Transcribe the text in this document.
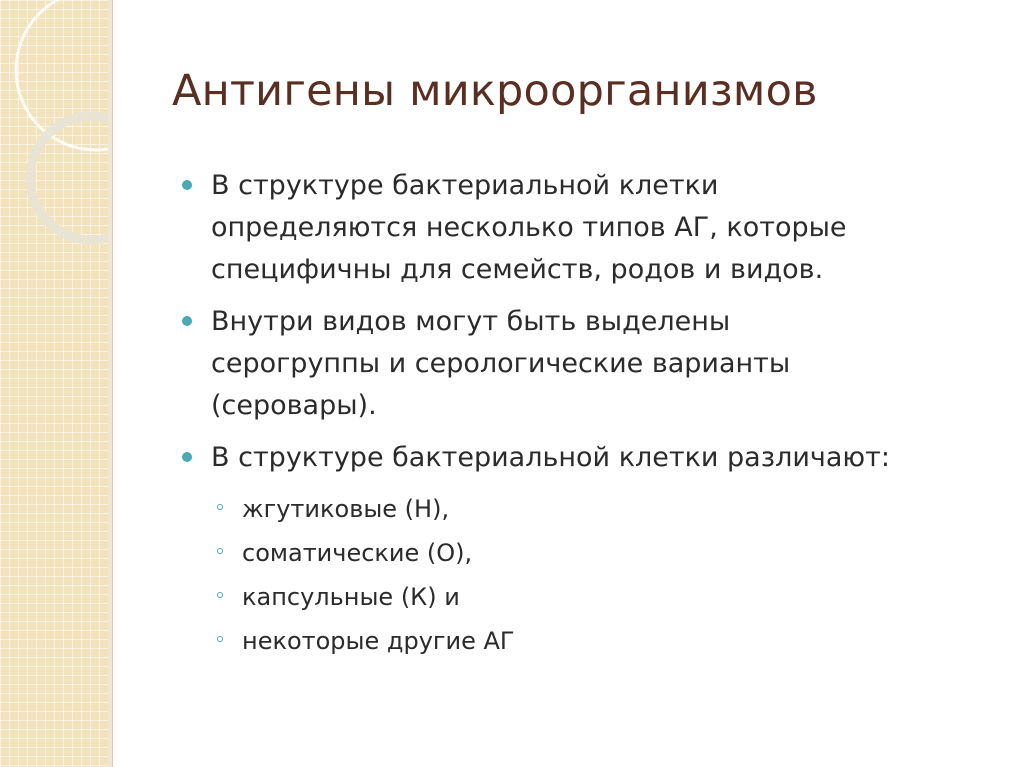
Антигены микроорганизмов
В структуре бактериальной клетки
определяются несколько типов АГ, которые
специфичны для семейств, родов и видов.
Внутри видов могут быть выделены
серогруппы и серологические варианты
(серовары).
В структуре бактериальной клетки различают:
жгутиковые (Н),
соматические (О),
капсульные (К) и
некоторые другие АГ
